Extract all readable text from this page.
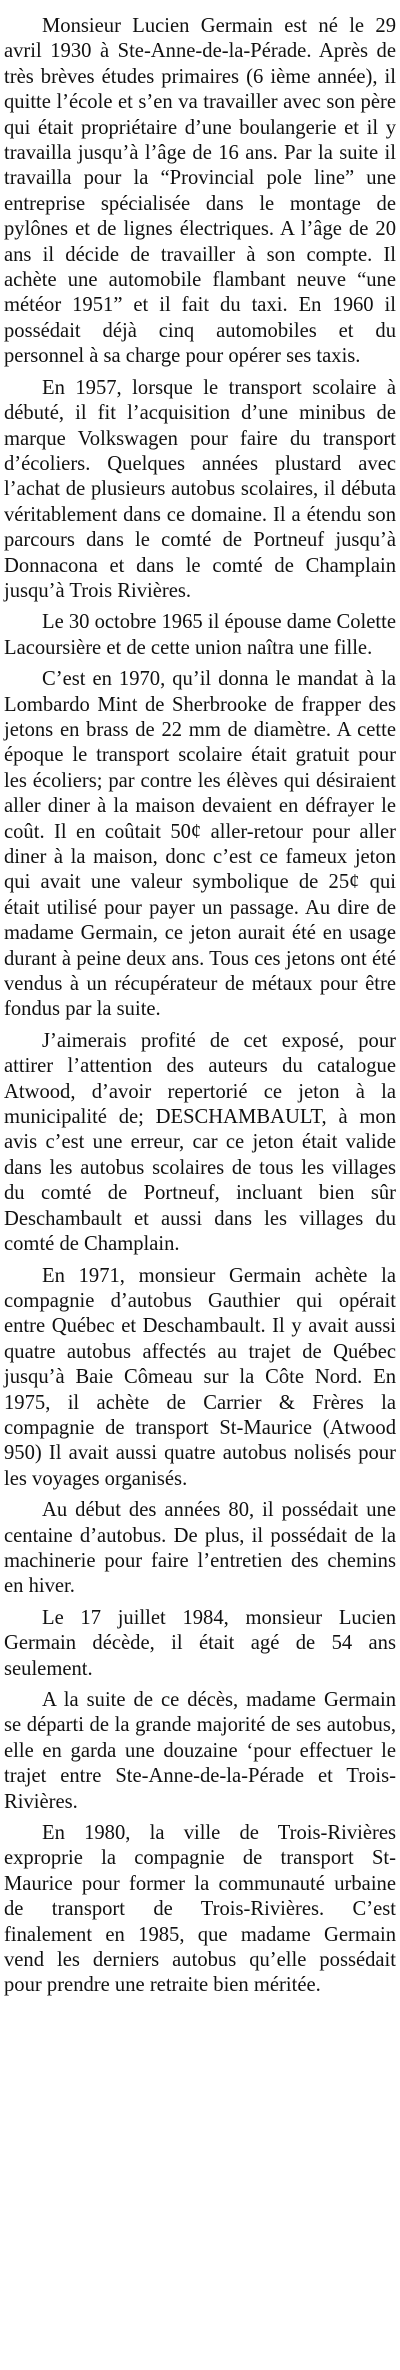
Monsieur Lucien Germain est né le 29 avril 1930 à Ste-Anne-de-la-Pérade. Après de très brèves études primaires (6 ième année), il quitte l’école et s’en va travailler avec son père qui était propriétaire d’une boulangerie et il y travailla jusqu’à l’âge de 16 ans. Par la suite il travailla pour la “Provincial pole line” une entreprise spécialisée dans le montage de pylônes et de lignes électriques. A l’âge de 20 ans il décide de travailler à son compte. Il achète une automobile flambant neuve “une météor 1951” et il fait du taxi. En 1960 il possédait déjà cinq automobiles et du personnel à sa charge pour opérer ses taxis.

En 1957, lorsque le transport scolaire à débuté, il fit l’acquisition d’une minibus de marque Volkswagen pour faire du transport d’écoliers. Quelques années plustard avec l’achat de plusieurs autobus scolaires, il débuta véritablement dans ce domaine. Il a étendu son parcours dans le comté de Portneuf jusqu’à Donnacona et dans le comté de Champlain jusqu’à Trois Rivières.

Le 30 octobre 1965 il épouse dame Colette Lacoursière et de cette union naîtra une fille.

C’est en 1970, qu’il donna le mandat à la Lombardo Mint de Sherbrooke de frapper des jetons en brass de 22 mm de diamètre. A cette époque le transport scolaire était gratuit pour les écoliers; par contre les élèves qui désiraient aller diner à la maison devaient en défrayer le coût. Il en coûtait 50¢ aller-retour pour aller diner à la maison, donc c’est ce fameux jeton qui avait une valeur symbolique de 25¢ qui était utilisé pour payer un passage. Au dire de madame Germain, ce jeton aurait été en usage durant à peine deux ans. Tous ces jetons ont été vendus à un récupérateur de métaux pour être fondus par la suite.

J’aimerais profité de cet exposé, pour attirer l’attention des auteurs du catalogue Atwood, d’avoir repertorié ce jeton à la municipalité de; DESCHAMBAULT, à mon avis c’est une erreur, car ce jeton était valide dans les autobus scolaires de tous les villages du comté de Portneuf, incluant bien sûr Deschambault et aussi dans les villages du comté de Champlain.

En 1971, monsieur Germain achète la compagnie d’autobus Gauthier qui opérait entre Québec et Deschambault. Il y avait aussi quatre autobus affectés au trajet de Québec jusqu’à Baie Cômeau sur la Côte Nord. En 1975, il achète de Carrier & Frères la compagnie de transport St-Maurice (Atwood 950) Il avait aussi quatre autobus nolisés pour les voyages organisés.

Au début des années 80, il possédait une centaine d’autobus. De plus, il possédait de la machinerie pour faire l’entretien des chemins en hiver.

Le 17 juillet 1984, monsieur Lucien Germain décède, il était agé de 54 ans seulement.

A la suite de ce décès, madame Germain se départi de la grande majorité de ses autobus, elle en garda une douzaine ‘pour effectuer le trajet entre Ste-Anne-de-la-Pérade et Trois-Rivières.

En 1980, la ville de Trois-Rivières exproprie la compagnie de transport St-Maurice pour former la communauté urbaine de transport de Trois-Rivières. C’est finalement en 1985, que madame Germain vend les derniers autobus qu’elle possédait pour prendre une retraite bien méritée.
